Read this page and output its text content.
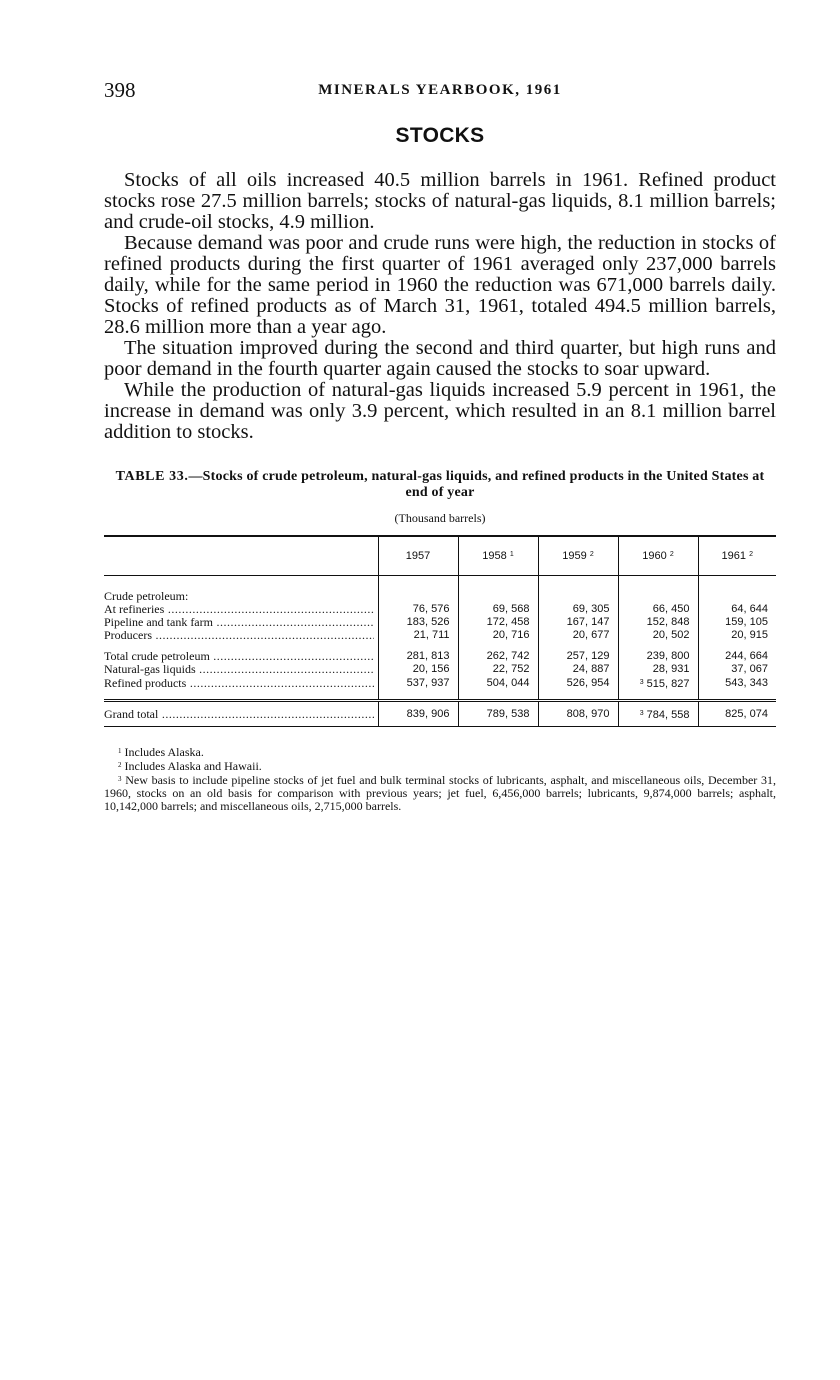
398	MINERALS YEARBOOK, 1961
STOCKS

Stocks of all oils increased 40.5 million barrels in 1961. Refined product stocks rose 27.5 million barrels; stocks of natural-gas liquids, 8.1 million barrels; and crude-oil stocks, 4.9 million.

Because demand was poor and crude runs were high, the reduction in stocks of refined products during the first quarter of 1961 averaged only 237,000 barrels daily, while for the same period in 1960 the reduction was 671,000 barrels daily. Stocks of refined products as of March 31, 1961, totaled 494.5 million barrels, 28.6 million more than a year ago.

The situation improved during the second and third quarter, but high runs and poor demand in the fourth quarter again caused the stocks to soar upward.

While the production of natural-gas liquids increased 5.9 percent in 1961, the increase in demand was only 3.9 percent, which resulted in an 8.1 million barrel addition to stocks.

TABLE 33.—Stocks of crude petroleum, natural-gas liquids, and refined products in the United States at end of year
(Thousand barrels)
	1957	1958 $^1$	1959 $^2$	1960 $^2$	1961 $^2$

Crude petroleum:					

At refineries .....	76, 576	69, 568	69, 305	66, 450	64, 644

Pipeline and tank farm .....	183, 526	172, 458	167, 147	152, 848	159, 105

Producers .....	21, 711	20, 716	20, 677	20, 502	20, 915

Total crude petroleum .....	281, 813	262, 742	257, 129	239, 800	244, 664

Natural-gas liquids .....	20, 156	22, 752	24, 887	28, 931	37, 067

Refined products .....	537, 937	504, 044	526, 954	$^3$ 515, 827	543, 343

Grand total .....	839, 906	789, 538	808, 970	$^3$ 784, 558	825, 074

$^1$ Includes Alaska.

$^2$ Includes Alaska and Hawaii.

$^3$ New basis to include pipeline stocks of jet fuel and bulk terminal stocks of lubricants, asphalt, and miscellaneous oils, December 31, 1960, stocks on an old basis for comparison with previous years; jet fuel, 6,456,000 barrels; lubricants, 9,874,000 barrels; asphalt, 10,142,000 barrels; and miscellaneous oils, 2,715,000 barrels.
